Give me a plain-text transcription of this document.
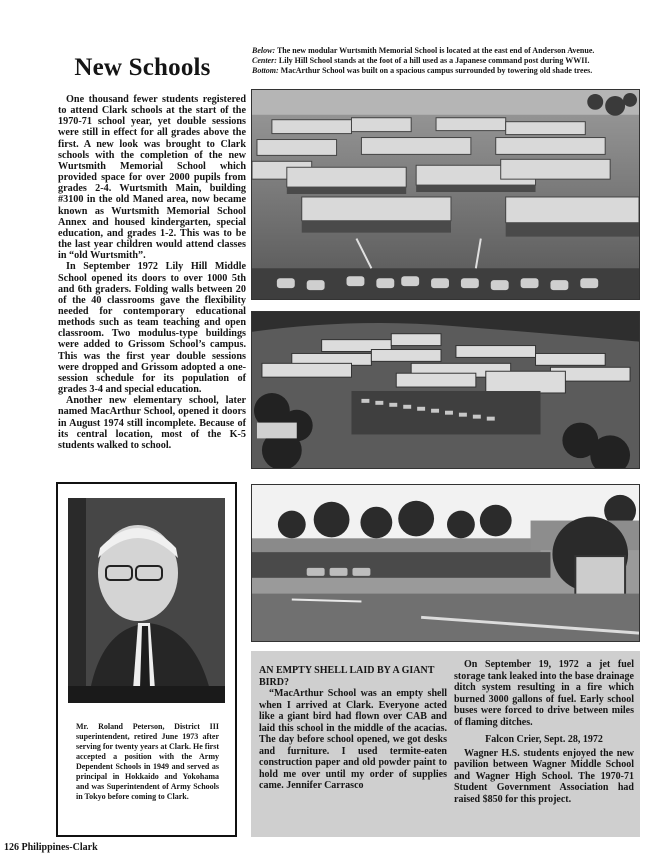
New Schools

One thousand fewer students registered to attend Clark schools at the start of the 1970-71 school year, yet double sessions were still in effect for all grades above the first. A new look was brought to Clark schools with the completion of the new Wurtsmith Memorial School which provided space for over 2000 pupils from grades 2-4. Wurtsmith Main, building #3100 in the old Maned area, now became known as Wurtsmith Memorial School Annex and housed kindergarten, special education, and grades 1-2. This was to be the last year children would attend classes in “old Wurtsmith”.

In September 1972 Lily Hill Middle School opened its doors to over 1000 5th and 6th graders. Folding walls between 20 of the 40 classrooms gave the flexibility needed for contemporary educational methods such as team teaching and open classroom. Two modulus-type buildings were added to Grissom School’s campus. This was the first year double sessions were dropped and Grissom adopted a one-session schedule for its population of grades 3-4 and special education.

Another new elementary school, later named MacArthur School, opened it doors in August 1974 still incomplete. Because of its central location, most of the K-5 students walked to school.

Below: The new modular Wurtsmith Memorial School is located at the east end of Anderson Avenue.
Center: Lily Hill School stands at the foot of a hill used as a Japanese command post during WWII.
Bottom: MacArthur School was built on a spacious campus surrounded by towering old shade trees.
Mr. Roland Peterson, District III superintendent, retired June 1973 after serving for twenty years at Clark. He first accepted a position with the Army Dependent Schools in 1949 and served as principal in Hokkaido and Yokohama and was Superintendent of Army Schools in Tokyo before coming to Clark.
AN EMPTY SHELL LAID BY A GIANT BIRD?

“MacArthur School was an empty shell when I arrived at Clark. Everyone acted like a giant bird had flown over CAB and laid this school in the middle of the acacias. The day before school opened, we got desks and furniture. I used termite-eaten construction paper and old powder paint to hold me over until my order of supplies came. Jennifer Carrasco

On September 19, 1972 a jet fuel storage tank leaked into the base drainage ditch system resulting in a fire which burned 3000 gallons of fuel. Early school buses were forced to drive between miles of flaming ditches.

Falcon Crier, Sept. 28, 1972

Wagner H.S. students enjoyed the new pavilion between Wagner Middle School and Wagner High School. The 1970-71 Student Government Association had raised $850 for this project.

126 Philippines-Clark
